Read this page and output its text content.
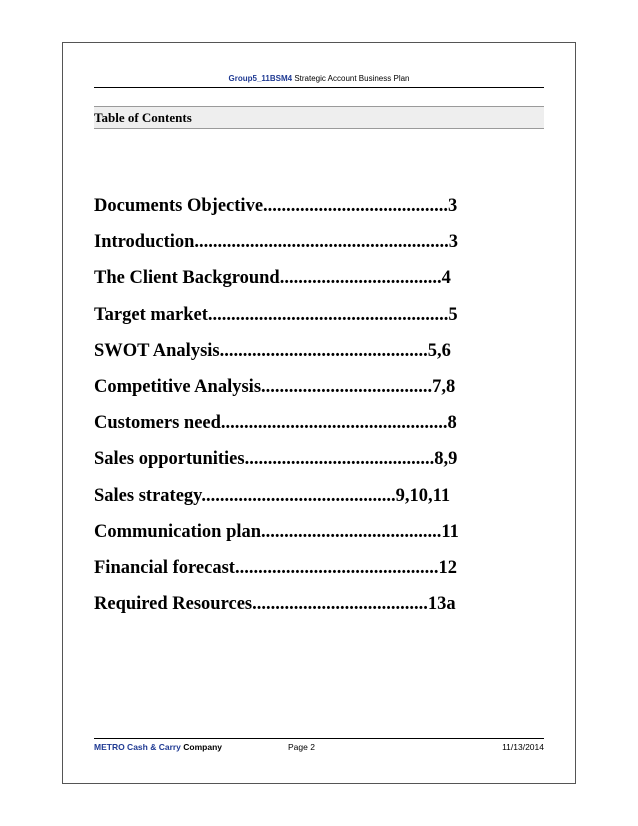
Group5_11BSM4 Strategic Account Business Plan
Table of Contents
Documents Objective........................................3
Introduction.......................................................3
The Client Background...................................4
Target market....................................................5
SWOT Analysis.............................................5,6
Competitive Analysis.....................................7,8
Customers need.................................................8
Sales opportunities.........................................8,9
Sales strategy..........................................9,10,11
Communication plan.......................................11
Financial forecast............................................12
Required Resources......................................13a
METRO Cash & Carry Company	Page 2	11/13/2014
